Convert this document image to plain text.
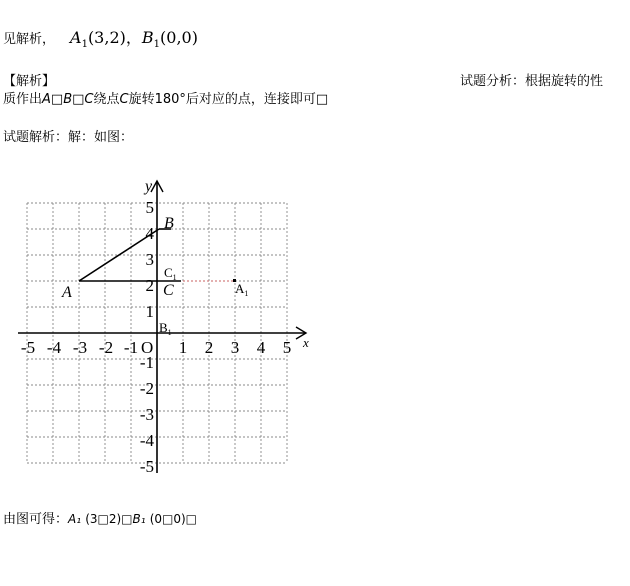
见解析， $A_1(3,2)$，$B_1(0,0)$
【解析】	试题分析：根据旋转的性
质作出A□B□C绕点C旋转180°后对应的点，连接即可□
试题解析：解：如图：
y
x
-5 -4 -3 -2 -1 1 2 3 4 5
O
5
4
3
2
1
-1
-2
-3
-4
-5
A
B
C
$C_1$
$A_1$
$B_1$
由图可得：A₁ (3□2)□B₁ (0□0)□
